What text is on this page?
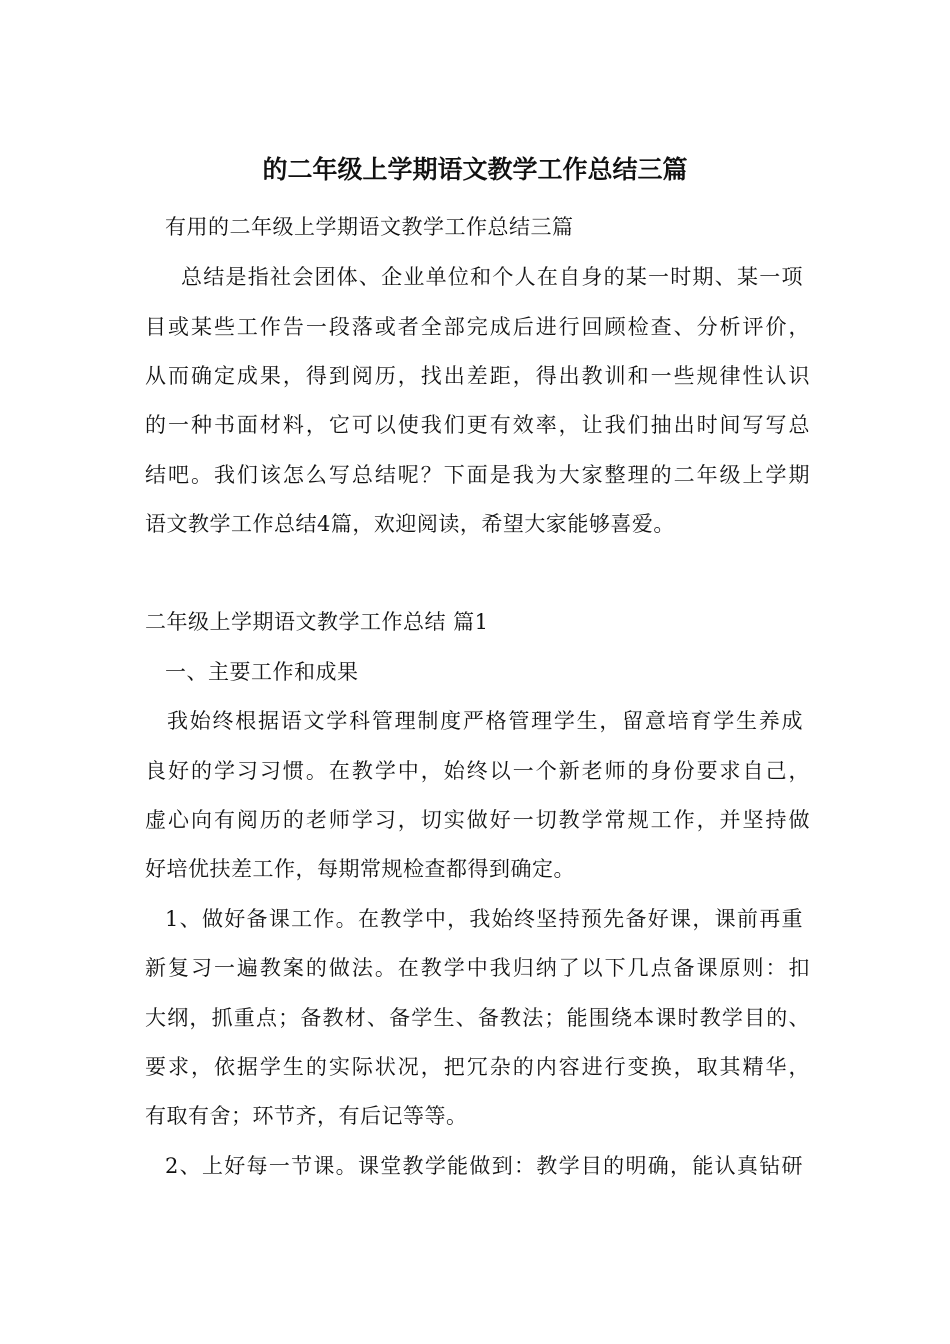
的二年级上学期语文教学工作总结三篇
有用的二年级上学期语文教学工作总结三篇
总结是指社会团体、企业单位和个人在自身的某一时期、某一项
目或某些工作告一段落或者全部完成后进行回顾检查、分析评价，
从而确定成果，得到阅历，找出差距，得出教训和一些规律性认识
的一种书面材料，它可以使我们更有效率，让我们抽出时间写写总
结吧。我们该怎么写总结呢？下面是我为大家整理的二年级上学期
语文教学工作总结4篇，欢迎阅读，希望大家能够喜爱。
二年级上学期语文教学工作总结 篇1
一、主要工作和成果
我始终根据语文学科管理制度严格管理学生，留意培育学生养成
良好的学习习惯。在教学中，始终以一个新老师的身份要求自己，
虚心向有阅历的老师学习，切实做好一切教学常规工作，并坚持做
好培优扶差工作，每期常规检查都得到确定。
1、做好备课工作。在教学中，我始终坚持预先备好课，课前再重
新复习一遍教案的做法。在教学中我归纳了以下几点备课原则：扣
大纲，抓重点；备教材、备学生、备教法；能围绕本课时教学目的、
要求，依据学生的实际状况，把冗杂的内容进行变换，取其精华，
有取有舍；环节齐，有后记等等。
2、上好每一节课。课堂教学能做到：教学目的明确，能认真钻研
